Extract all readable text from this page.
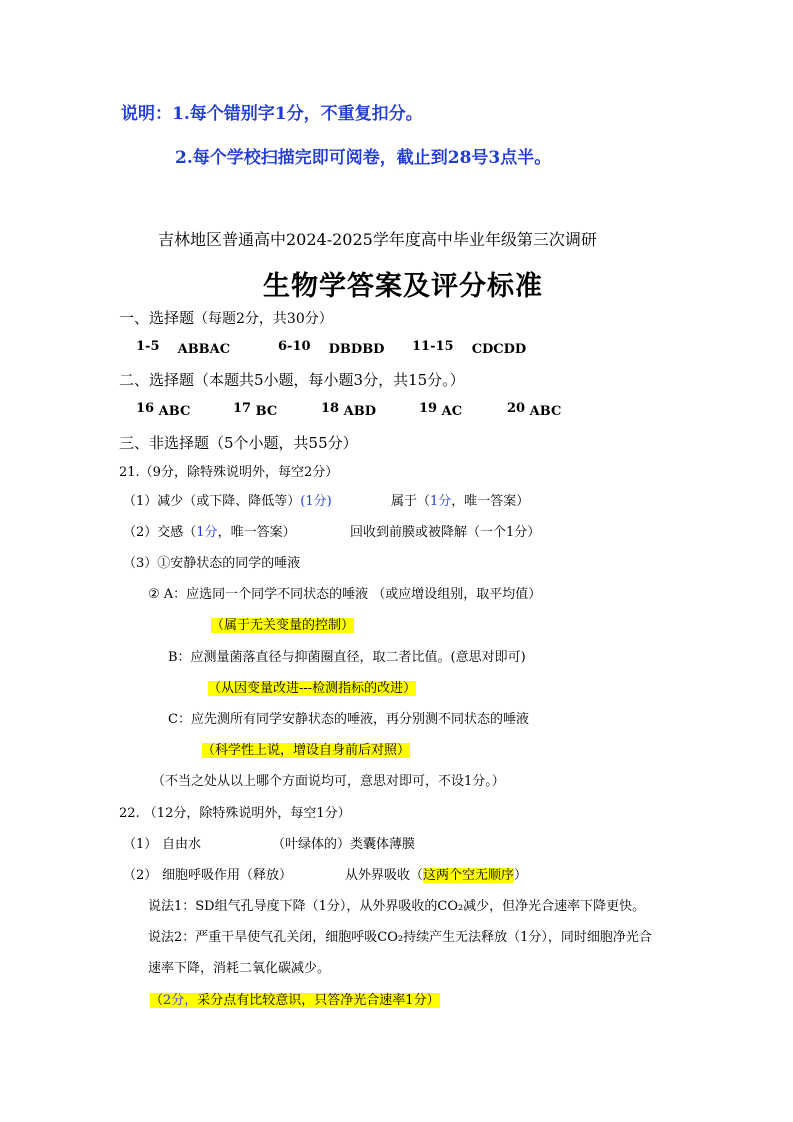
说明：1.每个错别字1分，不重复扣分。
2.每个学校扫描完即可阅卷，截止到28号3点半。
吉林地区普通高中2024-2025学年度高中毕业年级第三次调研
生物学答案及评分标准
一、选择题（每题2分，共30分）
1-5 ABBAC	6-10 DBDBD 11-15 CDCDD
二、选择题（本题共5小题，每小题3分，共15分。）
16 ABC	17 BC	18 ABD	19 AC	20 ABC
三、非选择题（5个小题，共55分）
21.（9分，除特殊说明外，每空2分）
（1）减少（或下降、降低等）(1分)	属于（1分，唯一答案）
（2）交感（1分，唯一答案）	回收到前膜或被降解（一个1分）
（3）①安静状态的同学的唾液
② A：应选同一个同学不同状态的唾液 （或应增设组别，取平均值）
（属于无关变量的控制）
B：应测量菌落直径与抑菌圈直径，取二者比值。(意思对即可)
（从因变量改进---检测指标的改进）
C：应先测所有同学安静状态的唾液，再分别测不同状态的唾液
（科学性上说，增设自身前后对照）
（不当之处从以上哪个方面说均可，意思对即可，不设1分。）
22. （12分，除特殊说明外，每空1分）
（1） 自由水	（叶绿体的）类囊体薄膜
（2） 细胞呼吸作用（释放）	从外界吸收（这两个空无顺序）
说法1：SD组气孔导度下降（1分），从外界吸收的CO₂减少，但净光合速率下降更快。
说法2：严重干旱使气孔关闭，细胞呼吸CO₂持续产生无法释放（1分），同时细胞净光合
速率下降，消耗二氧化碳减少。
（2分，采分点有比较意识，只答净光合速率1分）
